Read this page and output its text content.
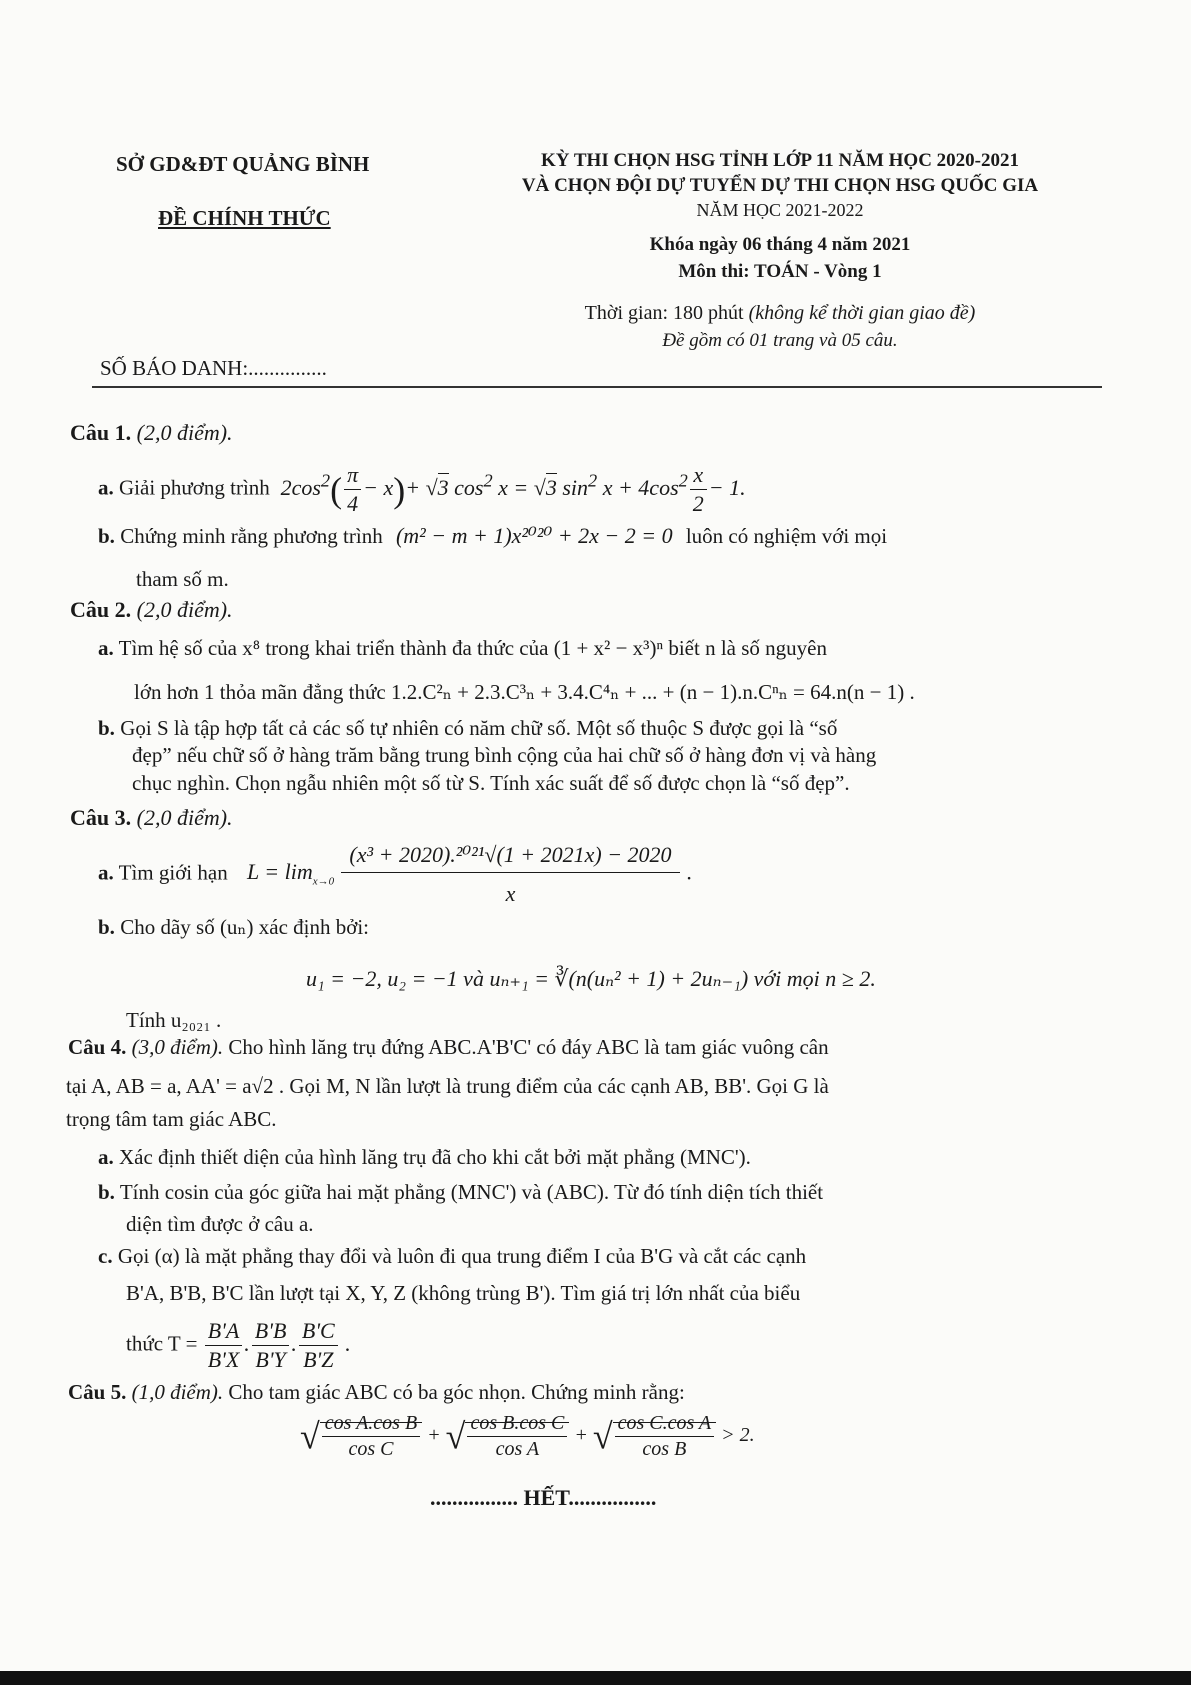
SỞ GD&ĐT QUẢNG BÌNH
ĐỀ CHÍNH THỨC
KỲ THI CHỌN HSG TỈNH LỚP 11 NĂM HỌC 2020-2021
VÀ CHỌN ĐỘI DỰ TUYỂN DỰ THI CHỌN HSG QUỐC GIA
NĂM HỌC 2021-2022
Khóa ngày 06 tháng 4 năm 2021
Môn thi: TOÁN - Vòng 1
Thời gian: 180 phút (không kể thời gian giao đề)
Đề gồm có 01 trang và 05 câu.
SỐ BÁO DANH:...............
Câu 1. (2,0 điểm).
a. Giải phương trình  $2\cos^2( \frac{\pi}{4} - x)+ √3$ $\cos^2 x = √3$ $\sin^2 x + 4\cos^2 \frac{x}{2} - 1$.
b. Chứng minh rằng phương trình (m² − m + 1)x²⁰²⁰ + 2x − 2 = 0 luôn có nghiệm với mọi
tham số m.
Câu 2. (2,0 điểm).
a. Tìm hệ số của x⁸ trong khai triển thành đa thức của (1 + x² − x³)ⁿ biết n là số nguyên
lớn hơn 1 thỏa mãn đẳng thức 1.2.C²ₙ + 2.3.C³ₙ + 3.4.C⁴ₙ + ... + (n − 1).n.Cⁿₙ = 64.n(n − 1) .
b. Gọi S là tập hợp tất cả các số tự nhiên có năm chữ số. Một số thuộc S được gọi là “số
đẹp” nếu chữ số ở hàng trăm bằng trung bình cộng của hai chữ số ở hàng đơn vị và hàng
chục nghìn. Chọn ngẫu nhiên một số từ S. Tính xác suất để số được chọn là “số đẹp”.
Câu 3. (2,0 điểm).
a. Tìm giới hạn $L = \lim_{x\to 0} \frac{\text{(x³ + 2020).²⁰²¹√(1 + 2021x) − 2020}}{x}$ .
b. Cho dãy số (uₙ) xác định bởi:
u₁ = −2, u₂ = −1 và uₙ₊₁ = ∛(n(uₙ² + 1) + 2uₙ₋₁) với mọi n ≥ 2.
Tính u₂₀₂₁ .
Câu 4. (3,0 điểm). Cho hình lăng trụ đứng ABC.A'B'C' có đáy ABC là tam giác vuông cân
tại A, AB = a, AA' = a√2 . Gọi M, N lần lượt là trung điểm của các cạnh AB, BB'. Gọi G là
trọng tâm tam giác ABC.
a. Xác định thiết diện của hình lăng trụ đã cho khi cắt bởi mặt phẳng (MNC').
b. Tính cosin của góc giữa hai mặt phẳng (MNC') và (ABC). Từ đó tính diện tích thiết
diện tìm được ở câu a.
c. Gọi (α) là mặt phẳng thay đổi và luôn đi qua trung điểm I của B'G và cắt các cạnh
B'A, B'B, B'C lần lượt tại X, Y, Z (không trùng B'). Tìm giá trị lớn nhất của biểu
thức $T = \frac{B'A}{B'X}$ . $\frac{B'B}{B'Y}$ . $\frac{B'C}{B'Z}$ .
Câu 5. (1,0 điểm). Cho tam giác ABC có ba góc nhọn. Chứng minh rằng:
√ $\frac{\text{cos A.cos B}}{\text{cos C}}$ + √ $\frac{\text{cos B.cos C}}{\text{cos A}}$ + √ $\frac{\text{cos C.cos A}}{\text{cos B}} > 2$.
................ HẾT................
